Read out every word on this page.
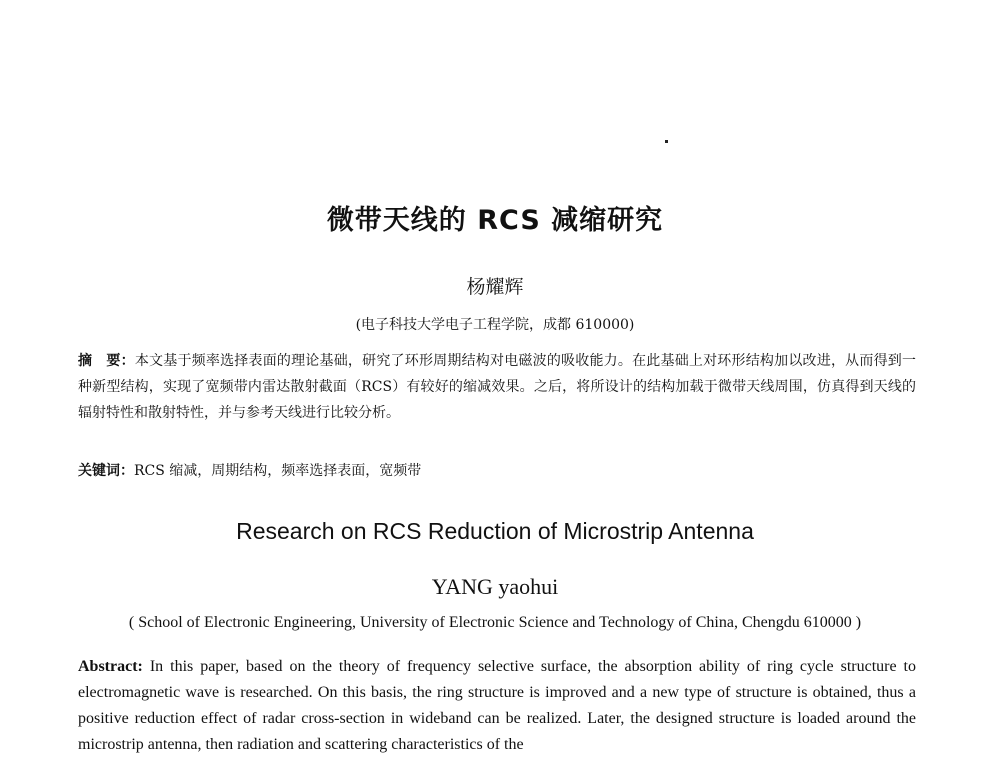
微带天线的 RCS 减缩研究
杨耀辉
(电子科技大学电子工程学院，成都 610000)
摘　要：本文基于频率选择表面的理论基础，研究了环形周期结构对电磁波的吸收能力。在此基础上对环形结构加以改进，从而得到一种新型结构，实现了宽频带内雷达散射截面（RCS）有较好的缩减效果。之后，将所设计的结构加载于微带天线周围，仿真得到天线的辐射特性和散射特性，并与参考天线进行比较分析。
关键词：RCS 缩减，周期结构，频率选择表面，宽频带
Research on RCS Reduction of Microstrip Antenna
YANG yaohui
( School of Electronic Engineering, University of Electronic Science and Technology of China, Chengdu 610000 )
Abstract: In this paper, based on the theory of frequency selective surface, the absorption ability of ring cycle structure to electromagnetic wave is researched. On this basis, the ring structure is improved and a new type of structure is obtained, thus a positive reduction effect of radar cross-section in wideband can be realized. Later, the designed structure is loaded around the microstrip antenna, then radiation and scattering characteristics of the
